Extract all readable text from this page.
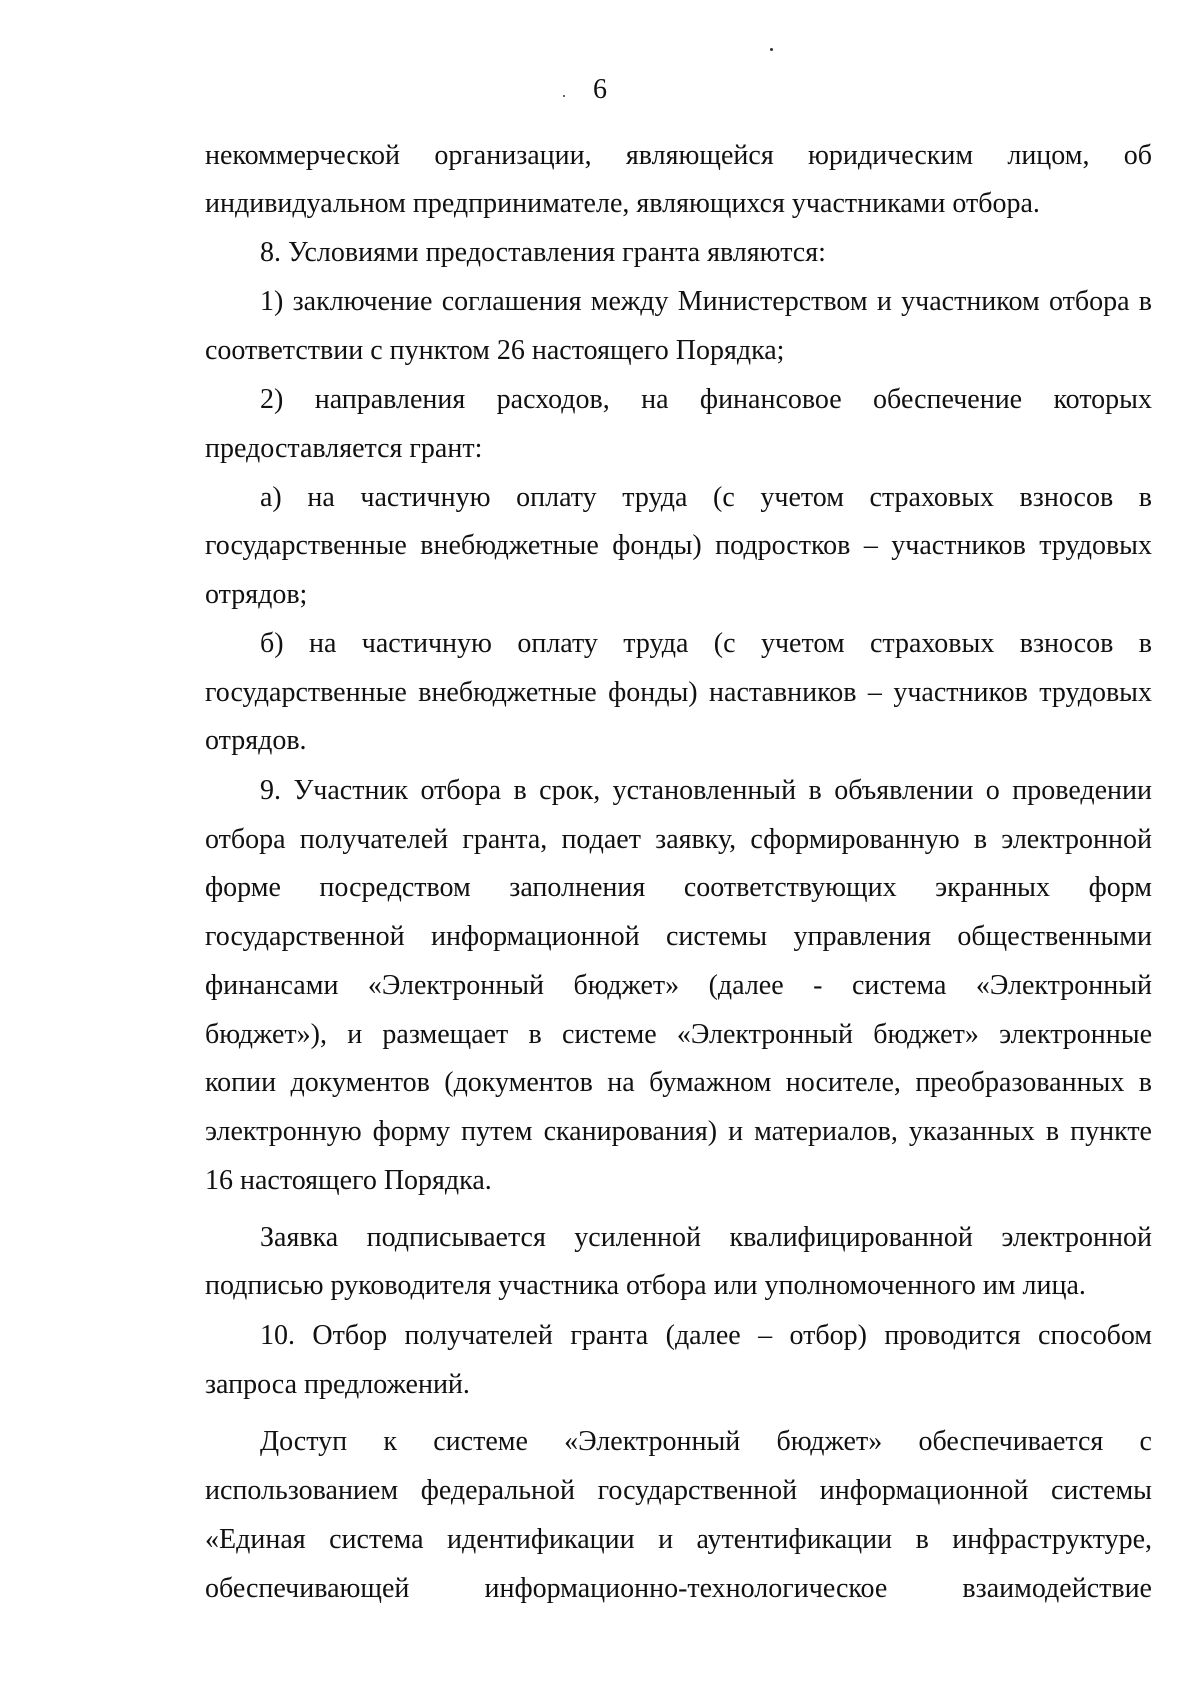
6
некоммерческой организации, являющейся юридическим лицом, об
индивидуальном предпринимателе, являющихся участниками отбора.
8. Условиями предоставления гранта являются:
1) заключение соглашения между Министерством и участником отбора в
соответствии с пунктом 26 настоящего Порядка;
2) направления расходов, на финансовое обеспечение которых
предоставляется грант:
а) на частичную оплату труда (с учетом страховых взносов в
государственные внебюджетные фонды) подростков – участников трудовых
отрядов;
б) на частичную оплату труда (с учетом страховых взносов в
государственные внебюджетные фонды) наставников – участников трудовых
отрядов.
9. Участник отбора в срок, установленный в объявлении о проведении
отбора получателей гранта, подает заявку, сформированную в электронной
форме посредством заполнения соответствующих экранных форм
государственной информационной системы управления общественными
финансами «Электронный бюджет» (далее - система «Электронный
бюджет»), и размещает в системе «Электронный бюджет» электронные
копии документов (документов на бумажном носителе, преобразованных в
электронную форму путем сканирования) и материалов, указанных в пункте
16 настоящего Порядка.
Заявка подписывается усиленной квалифицированной электронной
подписью руководителя участника отбора или уполномоченного им лица.
10. Отбор получателей гранта (далее – отбор) проводится способом
запроса предложений.
Доступ к системе «Электронный бюджет» обеспечивается с
использованием федеральной государственной информационной системы
«Единая система идентификации и аутентификации в инфраструктуре,
обеспечивающей информационно-технологическое взаимодействие
